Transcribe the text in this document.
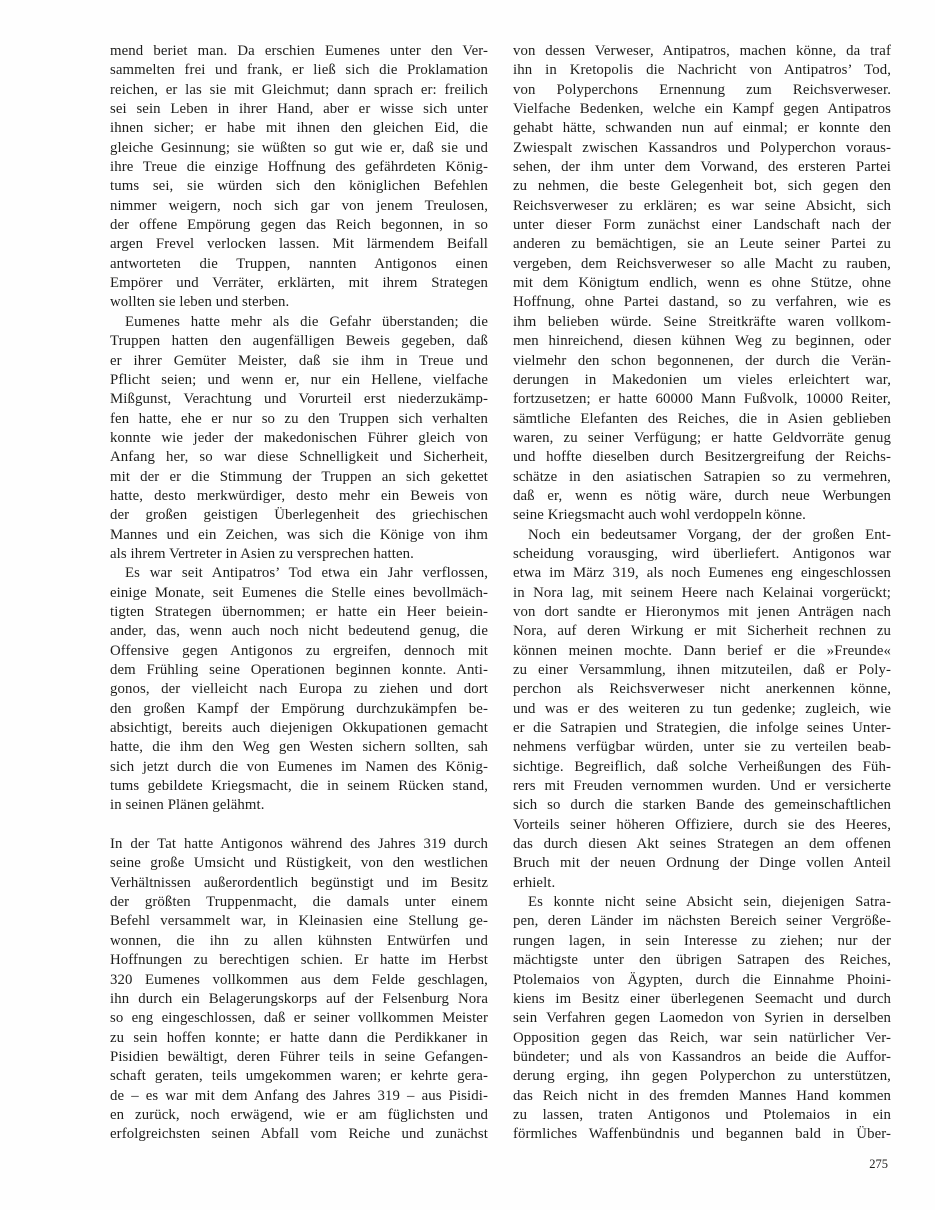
mend beriet man. Da erschien Eumenes unter den Ver-
sammelten frei und frank, er ließ sich die Proklamation
reichen, er las sie mit Gleichmut; dann sprach er: freilich
sei sein Leben in ihrer Hand, aber er wisse sich unter
ihnen sicher; er habe mit ihnen den gleichen Eid, die
gleiche Gesinnung; sie wüßten so gut wie er, daß sie und
ihre Treue die einzige Hoffnung des gefährdeten König-
tums sei, sie würden sich den königlichen Befehlen
nimmer weigern, noch sich gar von jenem Treulosen,
der offene Empörung gegen das Reich begonnen, in so
argen Frevel verlocken lassen. Mit lärmendem Beifall
antworteten die Truppen, nannten Antigonos einen
Empörer und Verräter, erklärten, mit ihrem Strategen
wollten sie leben und sterben.
Eumenes hatte mehr als die Gefahr überstanden; die
Truppen hatten den augenfälligen Beweis gegeben, daß
er ihrer Gemüter Meister, daß sie ihm in Treue und
Pflicht seien; und wenn er, nur ein Hellene, vielfache
Mißgunst, Verachtung und Vorurteil erst niederzukämp-
fen hatte, ehe er nur so zu den Truppen sich verhalten
konnte wie jeder der makedonischen Führer gleich von
Anfang her, so war diese Schnelligkeit und Sicherheit,
mit der er die Stimmung der Truppen an sich gekettet
hatte, desto merkwürdiger, desto mehr ein Beweis von
der großen geistigen Überlegenheit des griechischen
Mannes und ein Zeichen, was sich die Könige von ihm
als ihrem Vertreter in Asien zu versprechen hatten.
Es war seit Antipatros’ Tod etwa ein Jahr verflossen,
einige Monate, seit Eumenes die Stelle eines bevollmäch-
tigten Strategen übernommen; er hatte ein Heer beiein-
ander, das, wenn auch noch nicht bedeutend genug, die
Offensive gegen Antigonos zu ergreifen, dennoch mit
dem Frühling seine Operationen beginnen konnte. Anti-
gonos, der vielleicht nach Europa zu ziehen und dort
den großen Kampf der Empörung durchzukämpfen be-
absichtigt, bereits auch diejenigen Okkupationen gemacht
hatte, die ihm den Weg gen Westen sichern sollten, sah
sich jetzt durch die von Eumenes im Namen des König-
tums gebildete Kriegsmacht, die in seinem Rücken stand,
in seinen Plänen gelähmt.
In der Tat hatte Antigonos während des Jahres 319 durch
seine große Umsicht und Rüstigkeit, von den westlichen
Verhältnissen außerordentlich begünstigt und im Besitz
der größten Truppenmacht, die damals unter einem
Befehl versammelt war, in Kleinasien eine Stellung ge-
wonnen, die ihn zu allen kühnsten Entwürfen und
Hoffnungen zu berechtigen schien. Er hatte im Herbst
320 Eumenes vollkommen aus dem Felde geschlagen,
ihn durch ein Belagerungskorps auf der Felsenburg Nora
so eng eingeschlossen, daß er seiner vollkommen Meister
zu sein hoffen konnte; er hatte dann die Perdikkaner in
Pisidien bewältigt, deren Führer teils in seine Gefangen-
schaft geraten, teils umgekommen waren; er kehrte gera-
de – es war mit dem Anfang des Jahres 319 – aus Pisidi-
en zurück, noch erwägend, wie er am füglichsten und
erfolgreichsten seinen Abfall vom Reiche und zunächst
von dessen Verweser, Antipatros, machen könne, da traf
ihn in Kretopolis die Nachricht von Antipatros’ Tod,
von Polyperchons Ernennung zum Reichsverweser.
Vielfache Bedenken, welche ein Kampf gegen Antipatros
gehabt hätte, schwanden nun auf einmal; er konnte den
Zwiespalt zwischen Kassandros und Polyperchon voraus-
sehen, der ihm unter dem Vorwand, des ersteren Partei
zu nehmen, die beste Gelegenheit bot, sich gegen den
Reichsverweser zu erklären; es war seine Absicht, sich
unter dieser Form zunächst einer Landschaft nach der
anderen zu bemächtigen, sie an Leute seiner Partei zu
vergeben, dem Reichsverweser so alle Macht zu rauben,
mit dem Königtum endlich, wenn es ohne Stütze, ohne
Hoffnung, ohne Partei dastand, so zu verfahren, wie es
ihm belieben würde. Seine Streitkräfte waren vollkom-
men hinreichend, diesen kühnen Weg zu beginnen, oder
vielmehr den schon begonnenen, der durch die Verän-
derungen in Makedonien um vieles erleichtert war,
fortzusetzen; er hatte 60000 Mann Fußvolk, 10000 Reiter,
sämtliche Elefanten des Reiches, die in Asien geblieben
waren, zu seiner Verfügung; er hatte Geldvorräte genug
und hoffte dieselben durch Besitzergreifung der Reichs-
schätze in den asiatischen Satrapien so zu vermehren,
daß er, wenn es nötig wäre, durch neue Werbungen
seine Kriegsmacht auch wohl verdoppeln könne.
Noch ein bedeutsamer Vorgang, der der großen Ent-
scheidung vorausging, wird überliefert. Antigonos war
etwa im März 319, als noch Eumenes eng eingeschlossen
in Nora lag, mit seinem Heere nach Kelainai vorgerückt;
von dort sandte er Hieronymos mit jenen Anträgen nach
Nora, auf deren Wirkung er mit Sicherheit rechnen zu
können meinen mochte. Dann berief er die »Freunde«
zu einer Versammlung, ihnen mitzuteilen, daß er Poly-
perchon als Reichsverweser nicht anerkennen könne,
und was er des weiteren zu tun gedenke; zugleich, wie
er die Satrapien und Strategien, die infolge seines Unter-
nehmens verfügbar würden, unter sie zu verteilen beab-
sichtige. Begreiflich, daß solche Verheißungen des Füh-
rers mit Freuden vernommen wurden. Und er versicherte
sich so durch die starken Bande des gemeinschaftlichen
Vorteils seiner höheren Offiziere, durch sie des Heeres,
das durch diesen Akt seines Strategen an dem offenen
Bruch mit der neuen Ordnung der Dinge vollen Anteil
erhielt.
Es konnte nicht seine Absicht sein, diejenigen Satra-
pen, deren Länder im nächsten Bereich seiner Vergröße-
rungen lagen, in sein Interesse zu ziehen; nur der
mächtigste unter den übrigen Satrapen des Reiches,
Ptolemaios von Ägypten, durch die Einnahme Phoini-
kiens im Besitz einer überlegenen Seemacht und durch
sein Verfahren gegen Laomedon von Syrien in derselben
Opposition gegen das Reich, war sein natürlicher Ver-
bündeter; und als von Kassandros an beide die Auffor-
derung erging, ihn gegen Polyperchon zu unterstützen,
das Reich nicht in des fremden Mannes Hand kommen
zu lassen, traten Antigonos und Ptolemaios in ein
förmliches Waffenbündnis und begannen bald in Über-
275
